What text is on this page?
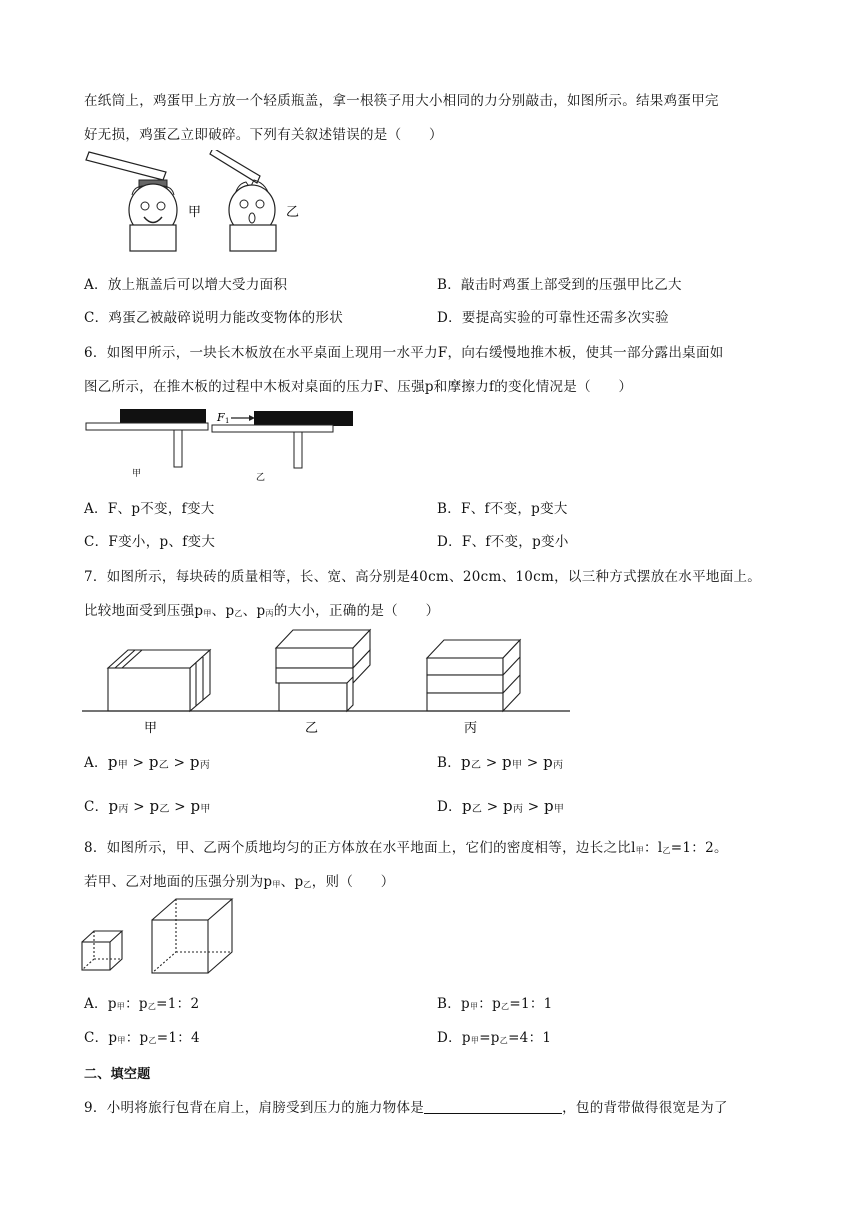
在纸筒上，鸡蛋甲上方放一个轻质瓶盖，拿一根筷子用大小相同的力分别敲击，如图所示。结果鸡蛋甲完
好无损，鸡蛋乙立即破碎。下列有关叙述错误的是（　　）
甲	乙
A．放上瓶盖后可以增大受力面积	B．敲击时鸡蛋上部受到的压强甲比乙大
C．鸡蛋乙被敲碎说明力能改变物体的形状	D．要提高实验的可靠性还需多次实验
6．如图甲所示，一块长木板放在水平桌面上现用一水平力F，向右缓慢地推木板，使其一部分露出桌面如
图乙所示，在推木板的过程中木板对桌面的压力F、压强p和摩擦力f的变化情况是（　　）
甲
F 1
乙
A．F、p不变，f变大	B．F、f不变，p变大
C．F变小，p、f变大	D．F、f不变，p变小
7．如图所示，每块砖的质量相等，长、宽、高分别是40cm、20cm、10cm，以三种方式摆放在水平地面上。
比较地面受到压强p甲、p乙、p丙的大小，正确的是（　　）
甲	乙	丙
A．p甲 > p乙 > p丙	B．p乙 > p甲 > p丙
C．p丙 > p乙 > p甲	D．p乙 > p丙 > p甲
8．如图所示，甲、乙两个质地均匀的正方体放在水平地面上，它们的密度相等，边长之比l甲：l乙=1：2。
若甲、乙对地面的压强分别为p甲、p乙，则（　　）
A．p甲：p乙=1：2	B．p甲：p乙=1：1
C．p甲：p乙=1：4	D．p甲=p乙=4：1
二、填空题
9．小明将旅行包背在肩上，肩膀受到压力的施力物体是	，包的背带做得很宽是为了
